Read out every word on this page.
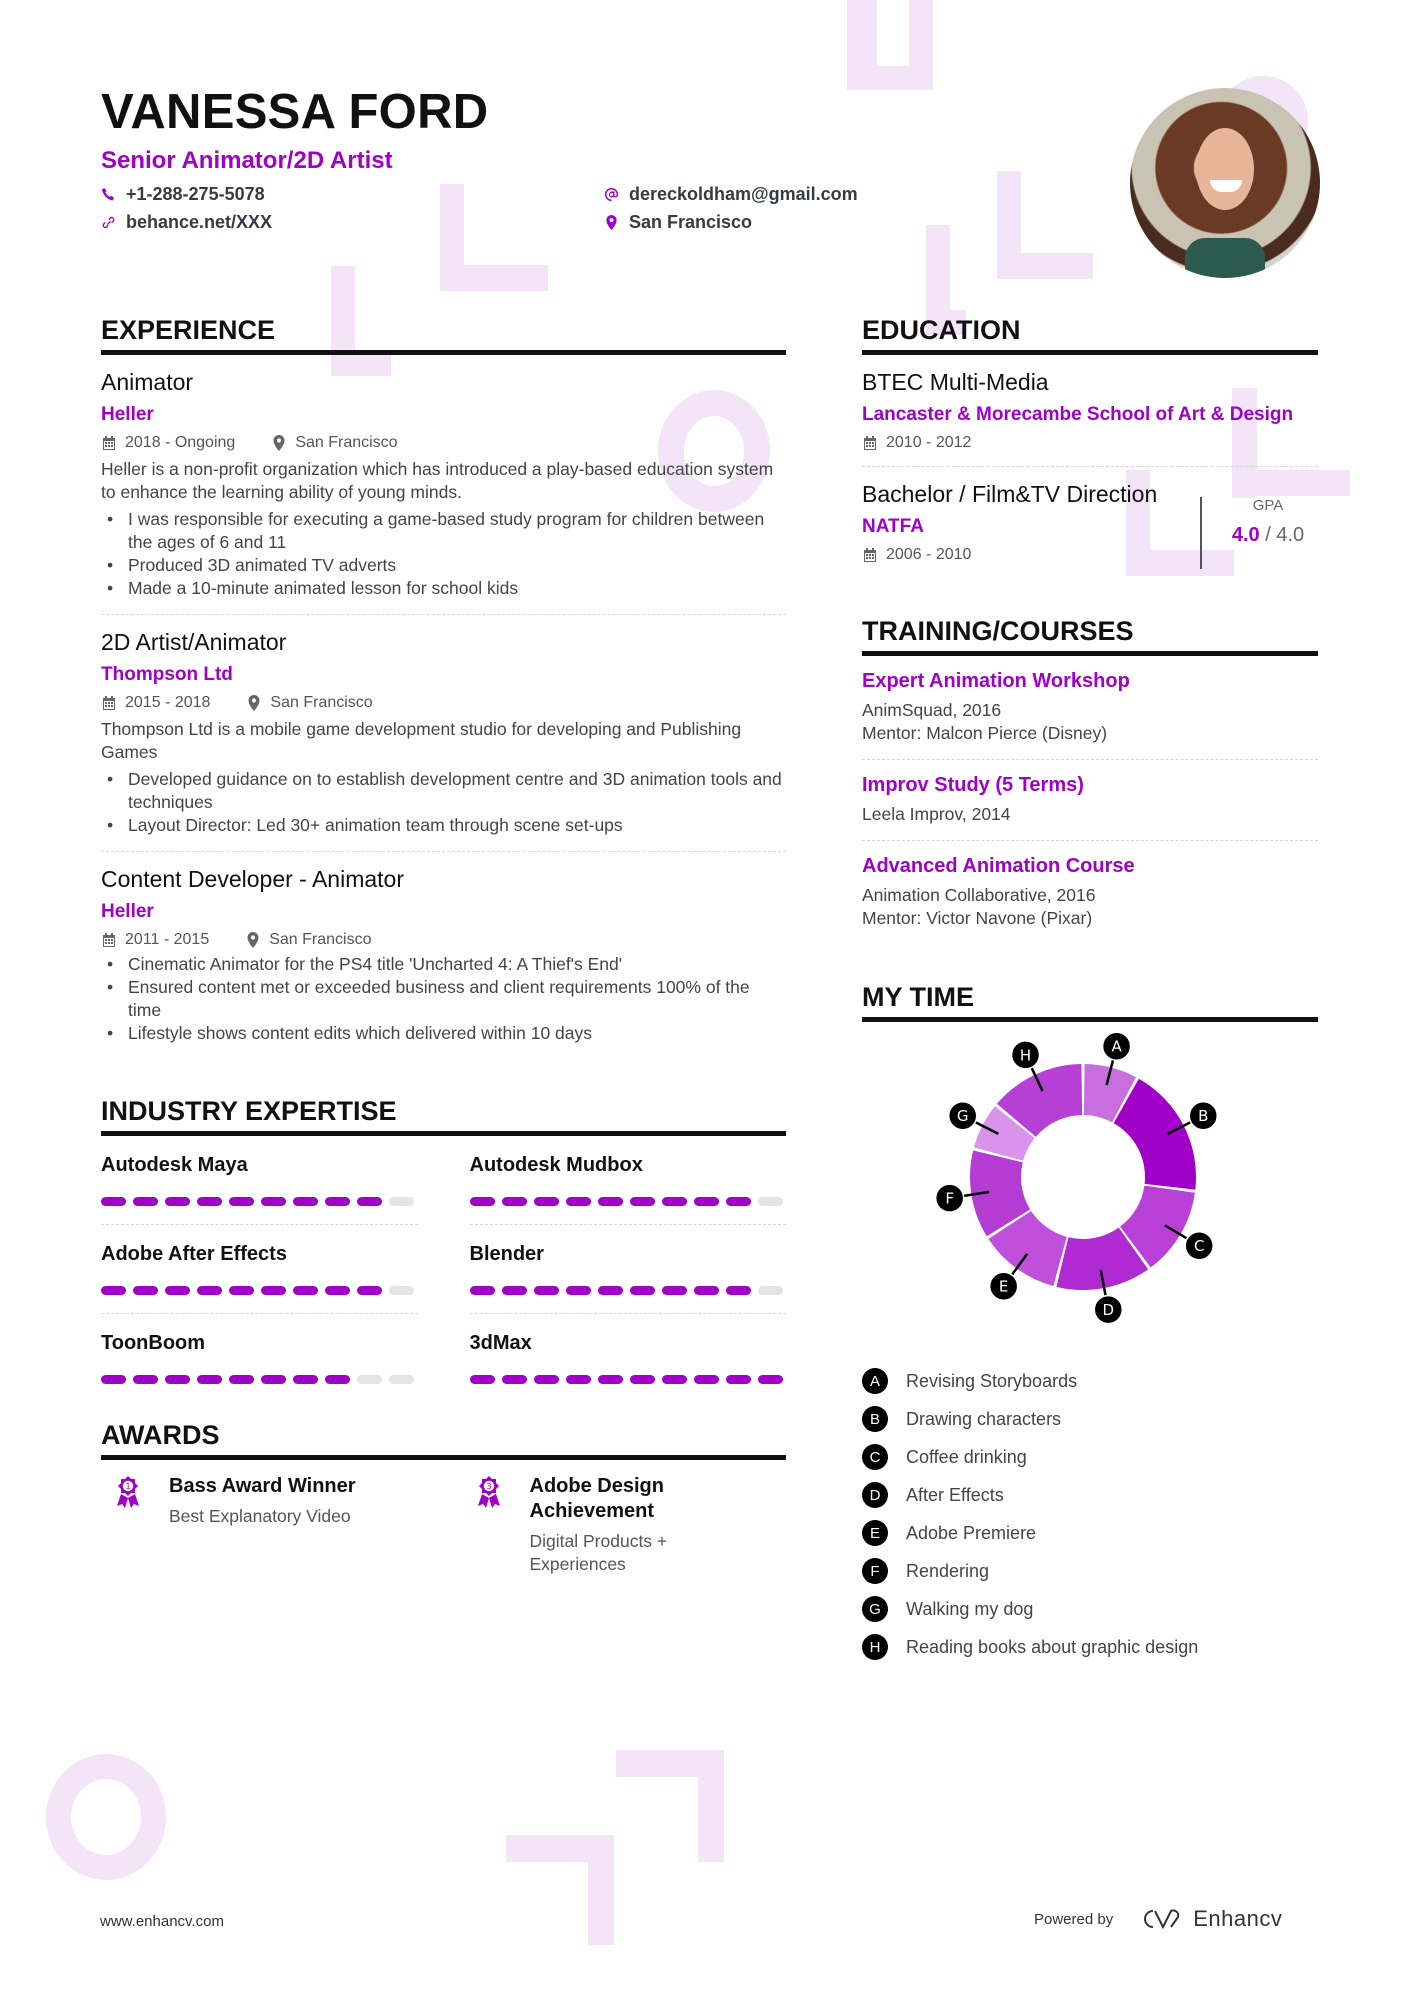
VANESSA FORD
Senior Animator/2D Artist
+1-288-275-5078
behance.net/XXX
dereckoldham@gmail.com
San Francisco
EXPERIENCE
Animator
Heller
2018 - Ongoing	San Francisco
Heller is a non-profit organization which has introduced a play-based education system to enhance the learning ability of young minds.
• I was responsible for executing a game-based study program for children between the ages of 6 and 11
• Produced 3D animated TV adverts
• Made a 10-minute animated lesson for school kids
2D Artist/Animator
Thompson Ltd
2015 - 2018	San Francisco
Thompson Ltd is a mobile game development studio for developing and Publishing Games
• Developed guidance on to establish development centre and 3D animation tools and techniques
• Layout Director: Led 30+ animation team through scene set-ups
Content Developer - Animator
Heller
2011 - 2015	San Francisco
• Cinematic Animator for the PS4 title 'Uncharted 4: A Thief's End'
• Ensured content met or exceeded business and client requirements 100% of the time
• Lifestyle shows content edits which delivered within 10 days
INDUSTRY EXPERTISE
Autodesk Maya	Autodesk Mudbox
Adobe After Effects	Blender
ToonBoom	3dMax
AWARDS
1 Bass Award Winner
Best Explanatory Video
3 Adobe Design Achievement
Digital Products + Experiences
EDUCATION
BTEC Multi-Media
Lancaster & Morecambe School of Art & Design
2010 - 2012
Bachelor / Film&TV Direction
NATFA
2006 - 2010
GPA
4.0 / 4.0
TRAINING/COURSES
Expert Animation Workshop
AnimSquad, 2016
Mentor: Malcon Pierce (Disney)
Improv Study (5 Terms)
Leela Improv, 2014
Advanced Animation Course
Animation Collaborative, 2016
Mentor: Victor Navone (Pixar)
MY TIME
A
B
C
D
E
F
G
H
A	Revising Storyboards
B	Drawing characters
C	Coffee drinking
D	After Effects
E	Adobe Premiere
F	Rendering
G	Walking my dog
H	Reading books about graphic design
www.enhancv.com	Powered by	Enhancv
